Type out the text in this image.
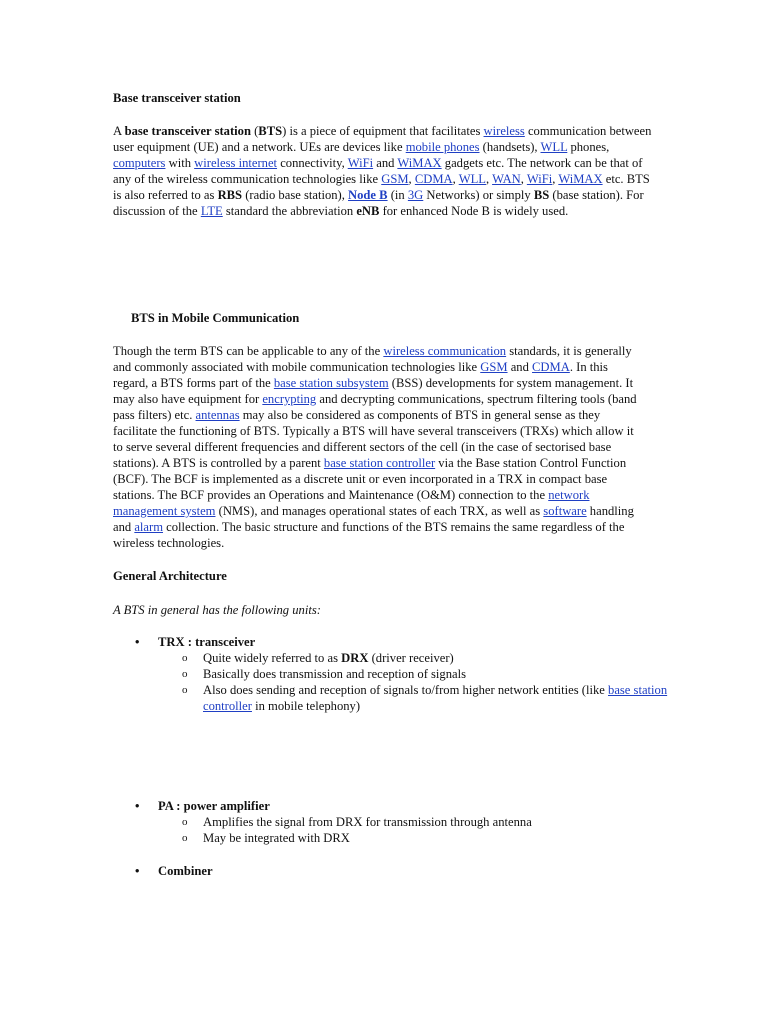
Base transceiver station

A base transceiver station (BTS) is a piece of equipment that facilitates wireless communication between user equipment (UE) and a network. UEs are devices like mobile phones (handsets), WLL phones, computers with wireless internet connectivity, WiFi and WiMAX gadgets etc. The network can be that of any of the wireless communication technologies like GSM, CDMA, WLL, WAN, WiFi, WiMAX etc. BTS is also referred to as RBS (radio base station), Node B (in 3G Networks) or simply BS (base station). For discussion of the LTE standard the abbreviation eNB for enhanced Node B is widely used.

BTS in Mobile Communication

Though the term BTS can be applicable to any of the wireless communication standards, it is generally and commonly associated with mobile communication technologies like GSM and CDMA. In this regard, a BTS forms part of the base station subsystem (BSS) developments for system management. It may also have equipment for encrypting and decrypting communications, spectrum filtering tools (band pass filters) etc. antennas may also be considered as components of BTS in general sense as they facilitate the functioning of BTS. Typically a BTS will have several transceivers (TRXs) which allow it to serve several different frequencies and different sectors of the cell (in the case of sectorised base stations). A BTS is controlled by a parent base station controller via the Base station Control Function (BCF). The BCF is implemented as a discrete unit or even incorporated in a TRX in compact base stations. The BCF provides an Operations and Maintenance (O&M) connection to the network management system (NMS), and manages operational states of each TRX, as well as software handling and alarm collection. The basic structure and functions of the BTS remains the same regardless of the wireless technologies.

General Architecture

A BTS in general has the following units:

• TRX : transceiver
o Quite widely referred to as DRX (driver receiver)
o Basically does transmission and reception of signals
o Also does sending and reception of signals to/from higher network entities (like base station controller in mobile telephony)
• PA : power amplifier
o Amplifies the signal from DRX for transmission through antenna
o May be integrated with DRX
• Combiner
